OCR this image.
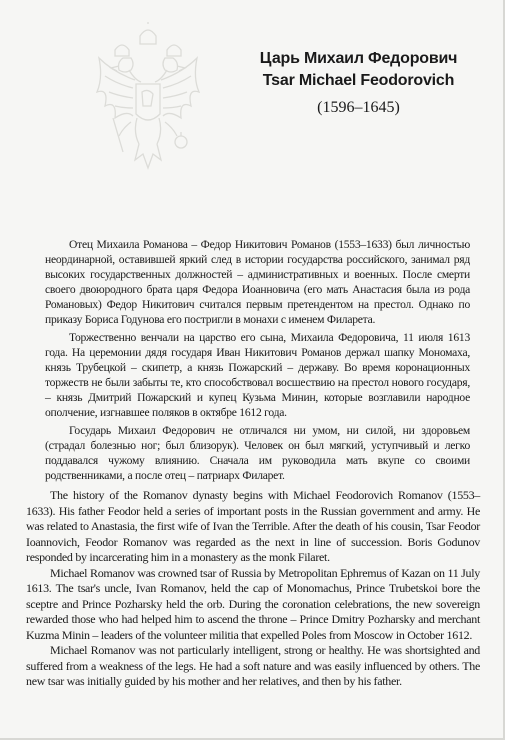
Царь Михаил Федорович
Tsar Michael Feodorovich
(1596–1645)

Отец Михаила Романова – Федор Никитович Романов (1553–1633) был личностью неординарной, оставившей яркий след в истории государства российского, занимал ряд высоких государственных должностей – административных и военных. После смерти своего двоюродного брата царя Федора Иоанновича (его мать Анастасия была из рода Романовых) Федор Никитович считался первым претендентом на престол. Однако по приказу Бориса Годунова его постригли в монахи с именем Филарета.

Торжественно венчали на царство его сына, Михаила Федоровича, 11 июля 1613 года. На церемонии дядя государя Иван Никитович Романов держал шапку Мономаха, князь Трубецкой – скипетр, а князь Пожарский – державу. Во время коронационных торжеств не были забыты те, кто способствовал восшествию на престол нового государя, – князь Дмитрий Пожарский и купец Кузьма Минин, которые возглавили народное ополчение, изгнавшее поляков в октябре 1612 года.

Государь Михаил Федорович не отличался ни умом, ни силой, ни здоровьем (страдал болезнью ног; был близорук). Человек он был мягкий, уступчивый и легко поддавался чужому влиянию. Сначала им руководила мать вкупе со своими родственниками, а после отец – патриарх Филарет.

The history of the Romanov dynasty begins with Michael Feodorovich Romanov (1553–1633). His father Feodor held a series of important posts in the Russian government and army. He was related to Anastasia, the first wife of Ivan the Terrible. After the death of his cousin, Tsar Feodor Ioannovich, Feodor Romanov was regarded as the next in line of succession. Boris Godunov responded by incarcerating him in a monastery as the monk Filaret.

Michael Romanov was crowned tsar of Russia by Metropolitan Ephremus of Kazan on 11 July 1613. The tsar's uncle, Ivan Romanov, held the cap of Monomachus, Prince Trubetskoi bore the sceptre and Prince Pozharsky held the orb. During the coronation celebrations, the new sovereign rewarded those who had helped him to ascend the throne – Prince Dmitry Pozharsky and merchant Kuzma Minin – leaders of the volunteer militia that expelled Poles from Moscow in October 1612.

Michael Romanov was not particularly intelligent, strong or healthy. He was shortsighted and suffered from a weakness of the legs. He had a soft nature and was easily influenced by others. The new tsar was initially guided by his mother and her relatives, and then by his father.
